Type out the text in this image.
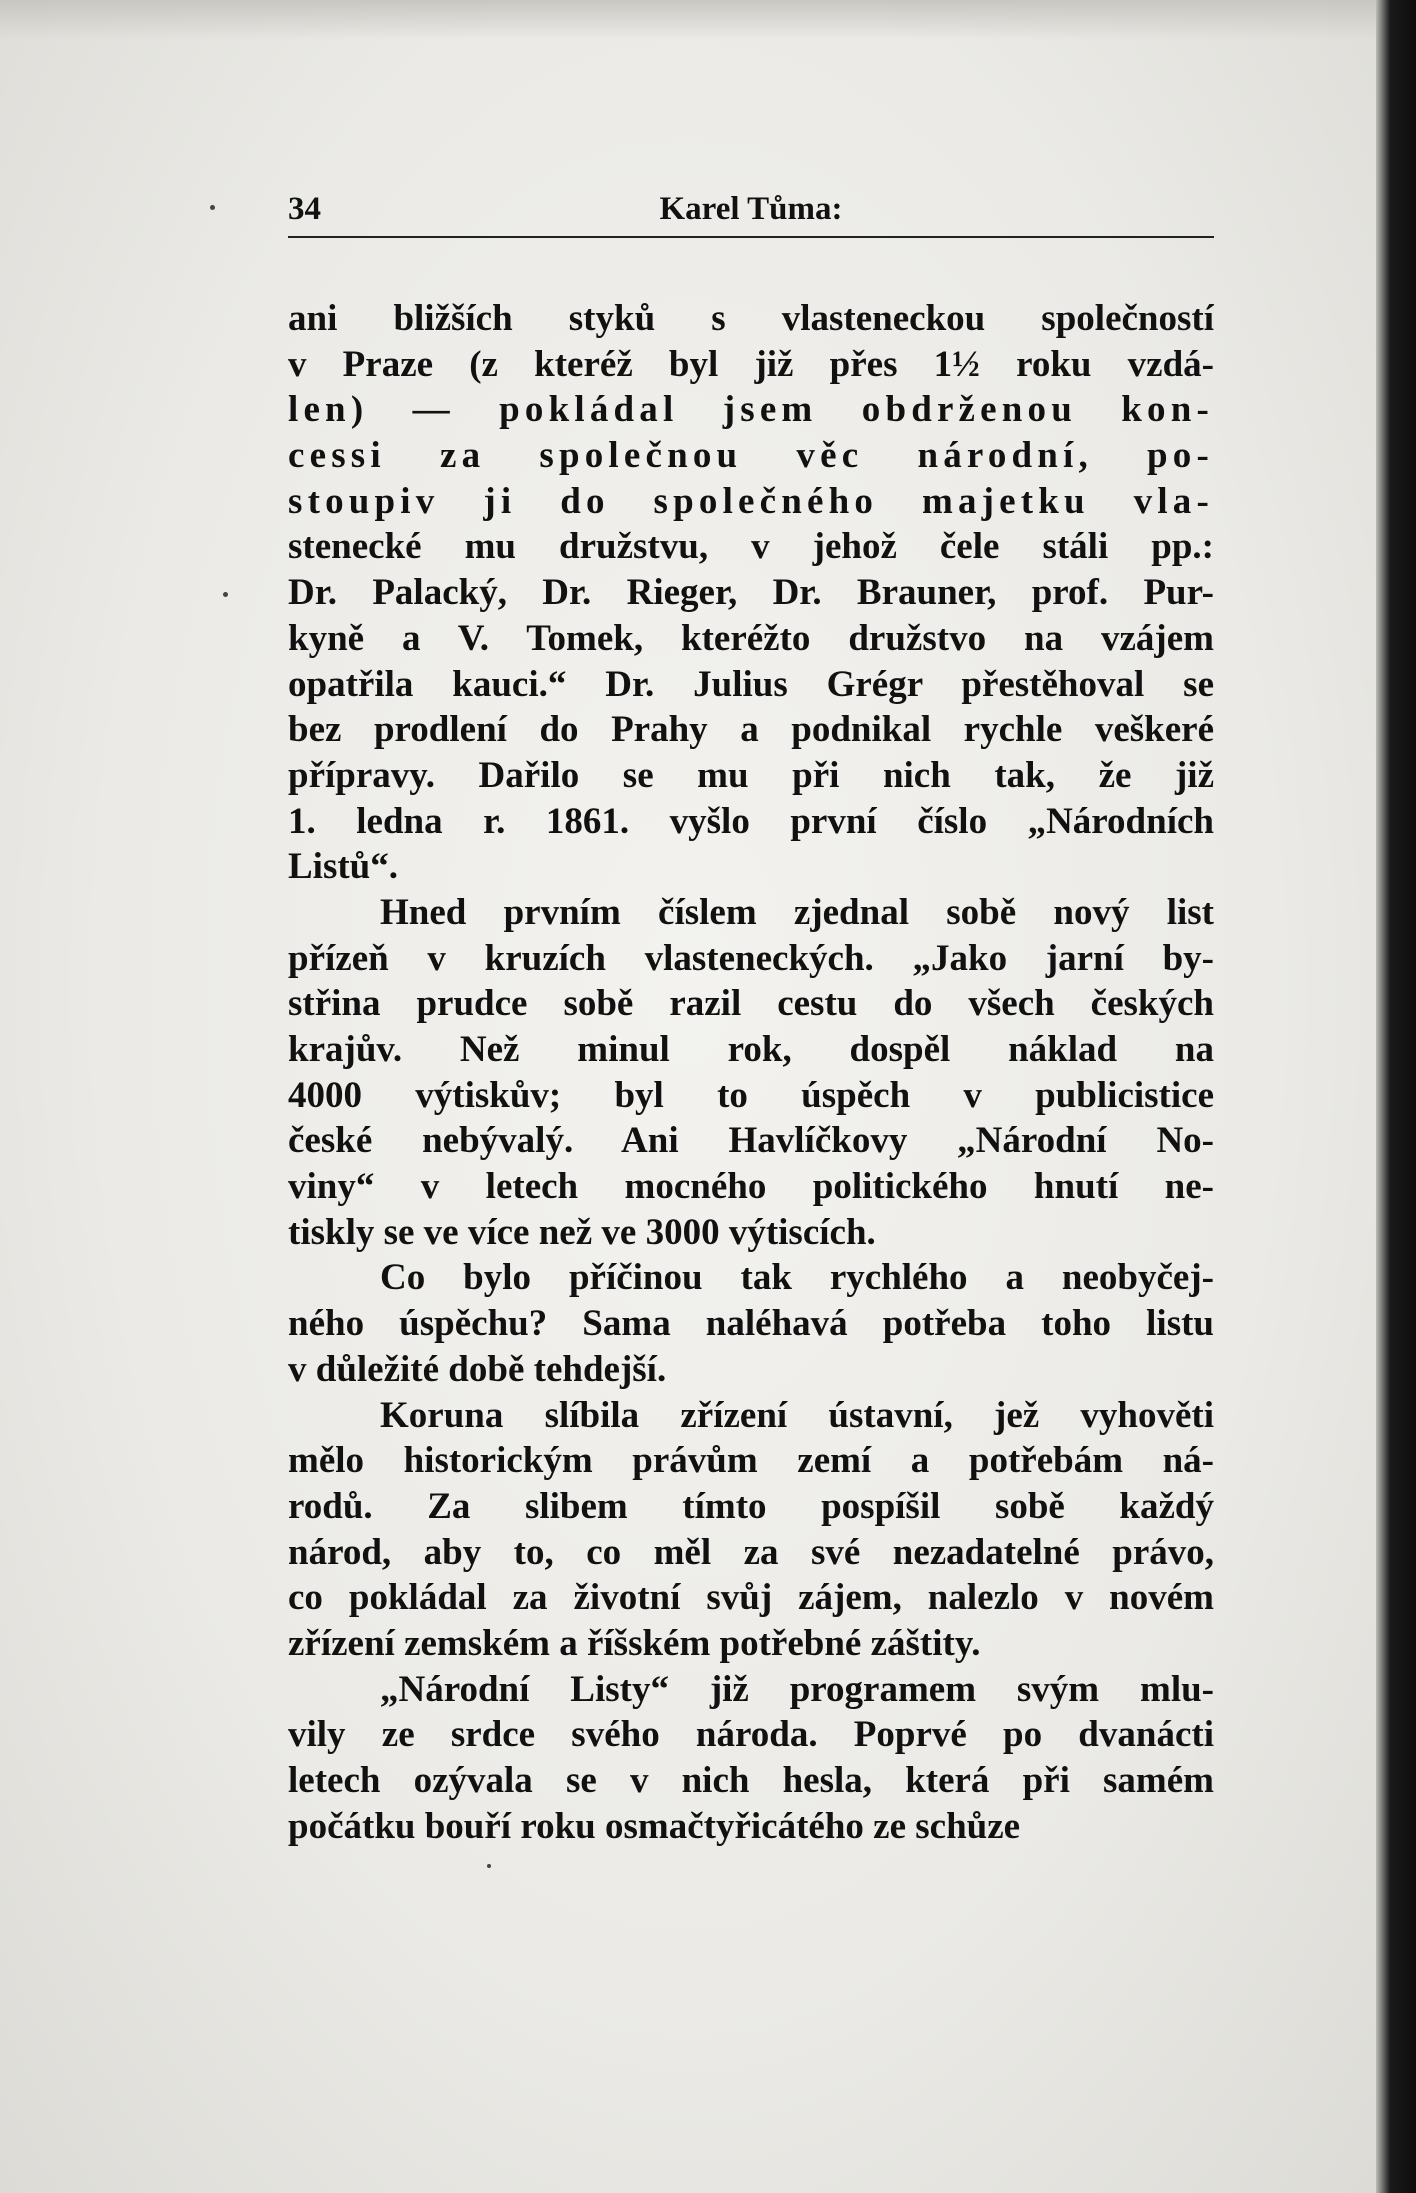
34	Karel Tůma:
ani bližších styků s vlasteneckou společností
v Praze (z kteréž byl již přes 1½ roku vzdá-
len) — pokládal jsem obdrženou kon-
cessi za společnou věc národní, po-
stoupiv ji do společného majetku vla-
stenecké mu družstvu, v jehož čele stáli pp.:
Dr. Palacký, Dr. Rieger, Dr. Brauner, prof. Pur-
kyně a V. Tomek, kteréžto družstvo na vzájem
opatřila kauci.“ Dr. Julius Grégr přestěhoval se
bez prodlení do Prahy a podnikal rychle veškeré
přípravy. Dařilo se mu při nich tak, že již
1. ledna r. 1861. vyšlo první číslo „Národních
Listů“.
Hned prvním číslem zjednal sobě nový list
přízeň v kruzích vlasteneckých. „Jako jarní by-
střina prudce sobě razil cestu do všech českých
krajův. Než minul rok, dospěl náklad na
4000 výtiskův; byl to úspěch v publicistice
české nebývalý. Ani Havlíčkovy „Národní No-
viny“ v letech mocného politického hnutí ne-
tiskly se ve více než ve 3000 výtiscích.
Co bylo příčinou tak rychlého a neobyčej-
ného úspěchu? Sama naléhavá potřeba toho listu
v důležité době tehdejší.
Koruna slíbila zřízení ústavní, jež vyhověti
mělo historickým právům zemí a potřebám ná-
rodů. Za slibem tímto pospíšil sobě každý
národ, aby to, co měl za své nezadatelné právo,
co pokládal za životní svůj zájem, nalezlo v novém
zřízení zemském a říšském potřebné záštity.
„Národní Listy“ již programem svým mlu-
vily ze srdce svého národa. Poprvé po dvanácti
letech ozývala se v nich hesla, která při samém
počátku bouří roku osmačtyřicátého ze schůze
